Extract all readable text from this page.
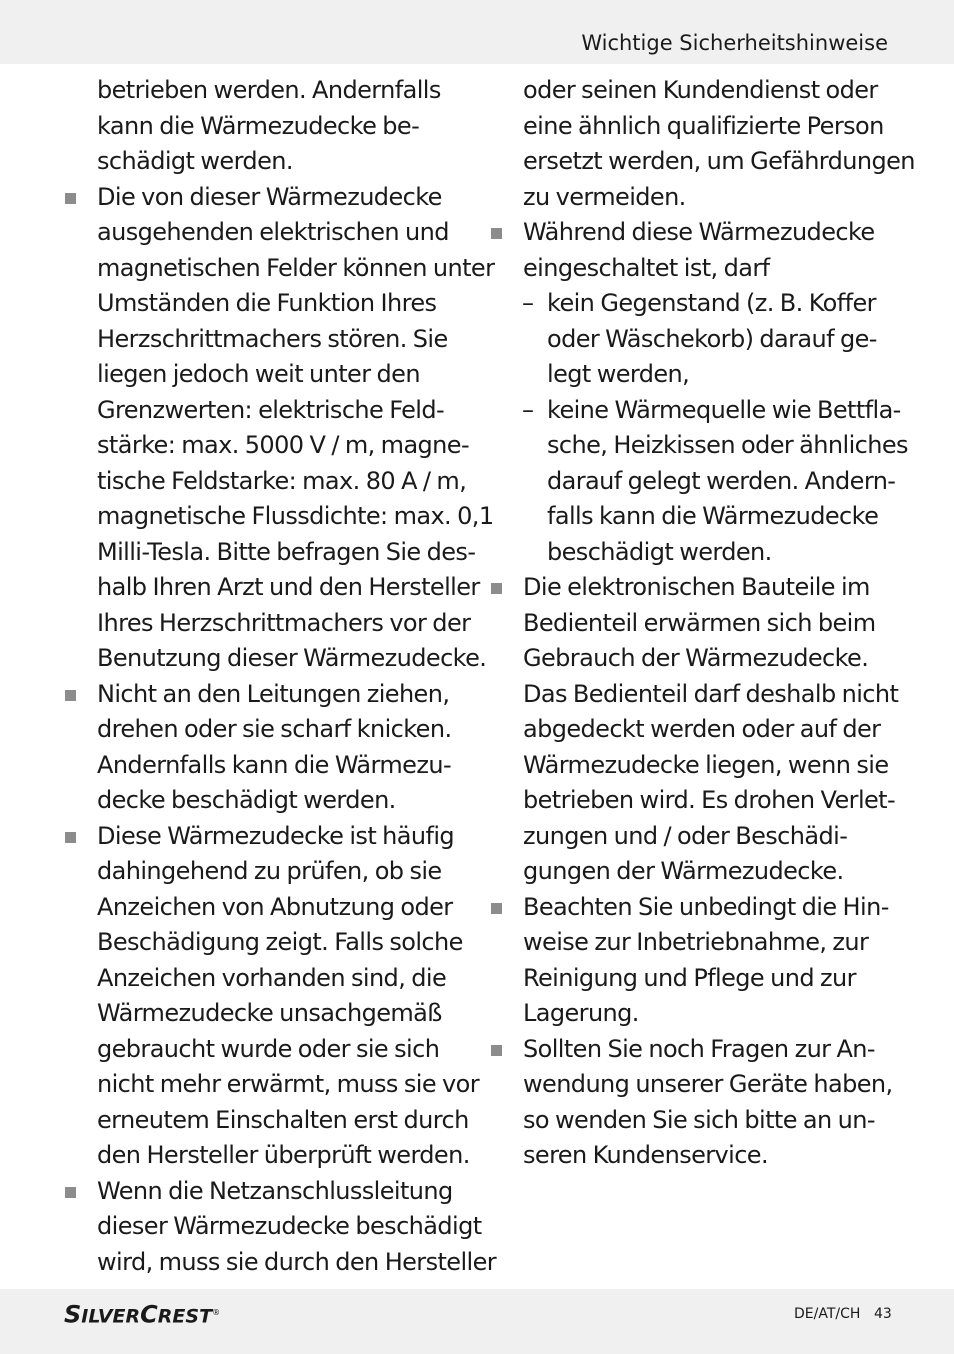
Wichtige Sicherheitshinweise
betrieben werden. Andernfalls
kann die Wärmezudecke be-
schädigt werden.
Die von dieser Wärmezudecke
ausgehenden elektrischen und
magnetischen Felder können unter
Umständen die Funktion Ihres
Herzschrittmachers stören. Sie
liegen jedoch weit unter den
Grenzwerten: elektrische Feld-
stärke: max. 5000 V / m, magne-
tische Feldstarke: max. 80 A / m,
magnetische Flussdichte: max. 0,1
Milli-Tesla. Bitte befragen Sie des-
halb Ihren Arzt und den Hersteller
Ihres Herzschrittmachers vor der
Benutzung dieser Wärmezudecke.
Nicht an den Leitungen ziehen,
drehen oder sie scharf knicken.
Andernfalls kann die Wärmezu-
decke beschädigt werden.
Diese Wärmezudecke ist häufig
dahingehend zu prüfen, ob sie
Anzeichen von Abnutzung oder
Beschädigung zeigt. Falls solche
Anzeichen vorhanden sind, die
Wärmezudecke unsachgemäß
gebraucht wurde oder sie sich
nicht mehr erwärmt, muss sie vor
erneutem Einschalten erst durch
den Hersteller überprüft werden.
Wenn die Netzanschlussleitung
dieser Wärmezudecke beschädigt
wird, muss sie durch den Hersteller
oder seinen Kundendienst oder
eine ähnlich qualifizierte Person
ersetzt werden, um Gefährdungen
zu vermeiden.
Während diese Wärmezudecke
eingeschaltet ist, darf
– kein Gegenstand (z. B. Koffer
oder Wäschekorb) darauf ge-
legt werden,
– keine Wärmequelle wie Bettfla-
sche, Heizkissen oder ähnliches
darauf gelegt werden. Andern-
falls kann die Wärmezudecke
beschädigt werden.
Die elektronischen Bauteile im
Bedienteil erwärmen sich beim
Gebrauch der Wärmezudecke.
Das Bedienteil darf deshalb nicht
abgedeckt werden oder auf der
Wärmezudecke liegen, wenn sie
betrieben wird. Es drohen Verlet-
zungen und / oder Beschädi-
gungen der Wärmezudecke.
Beachten Sie unbedingt die Hin-
weise zur Inbetriebnahme, zur
Reinigung und Pflege und zur
Lagerung.
Sollten Sie noch Fragen zur An-
wendung unserer Geräte haben,
so wenden Sie sich bitte an un-
seren Kundenservice.
SILVERCREST®	DE/AT/CH 43
